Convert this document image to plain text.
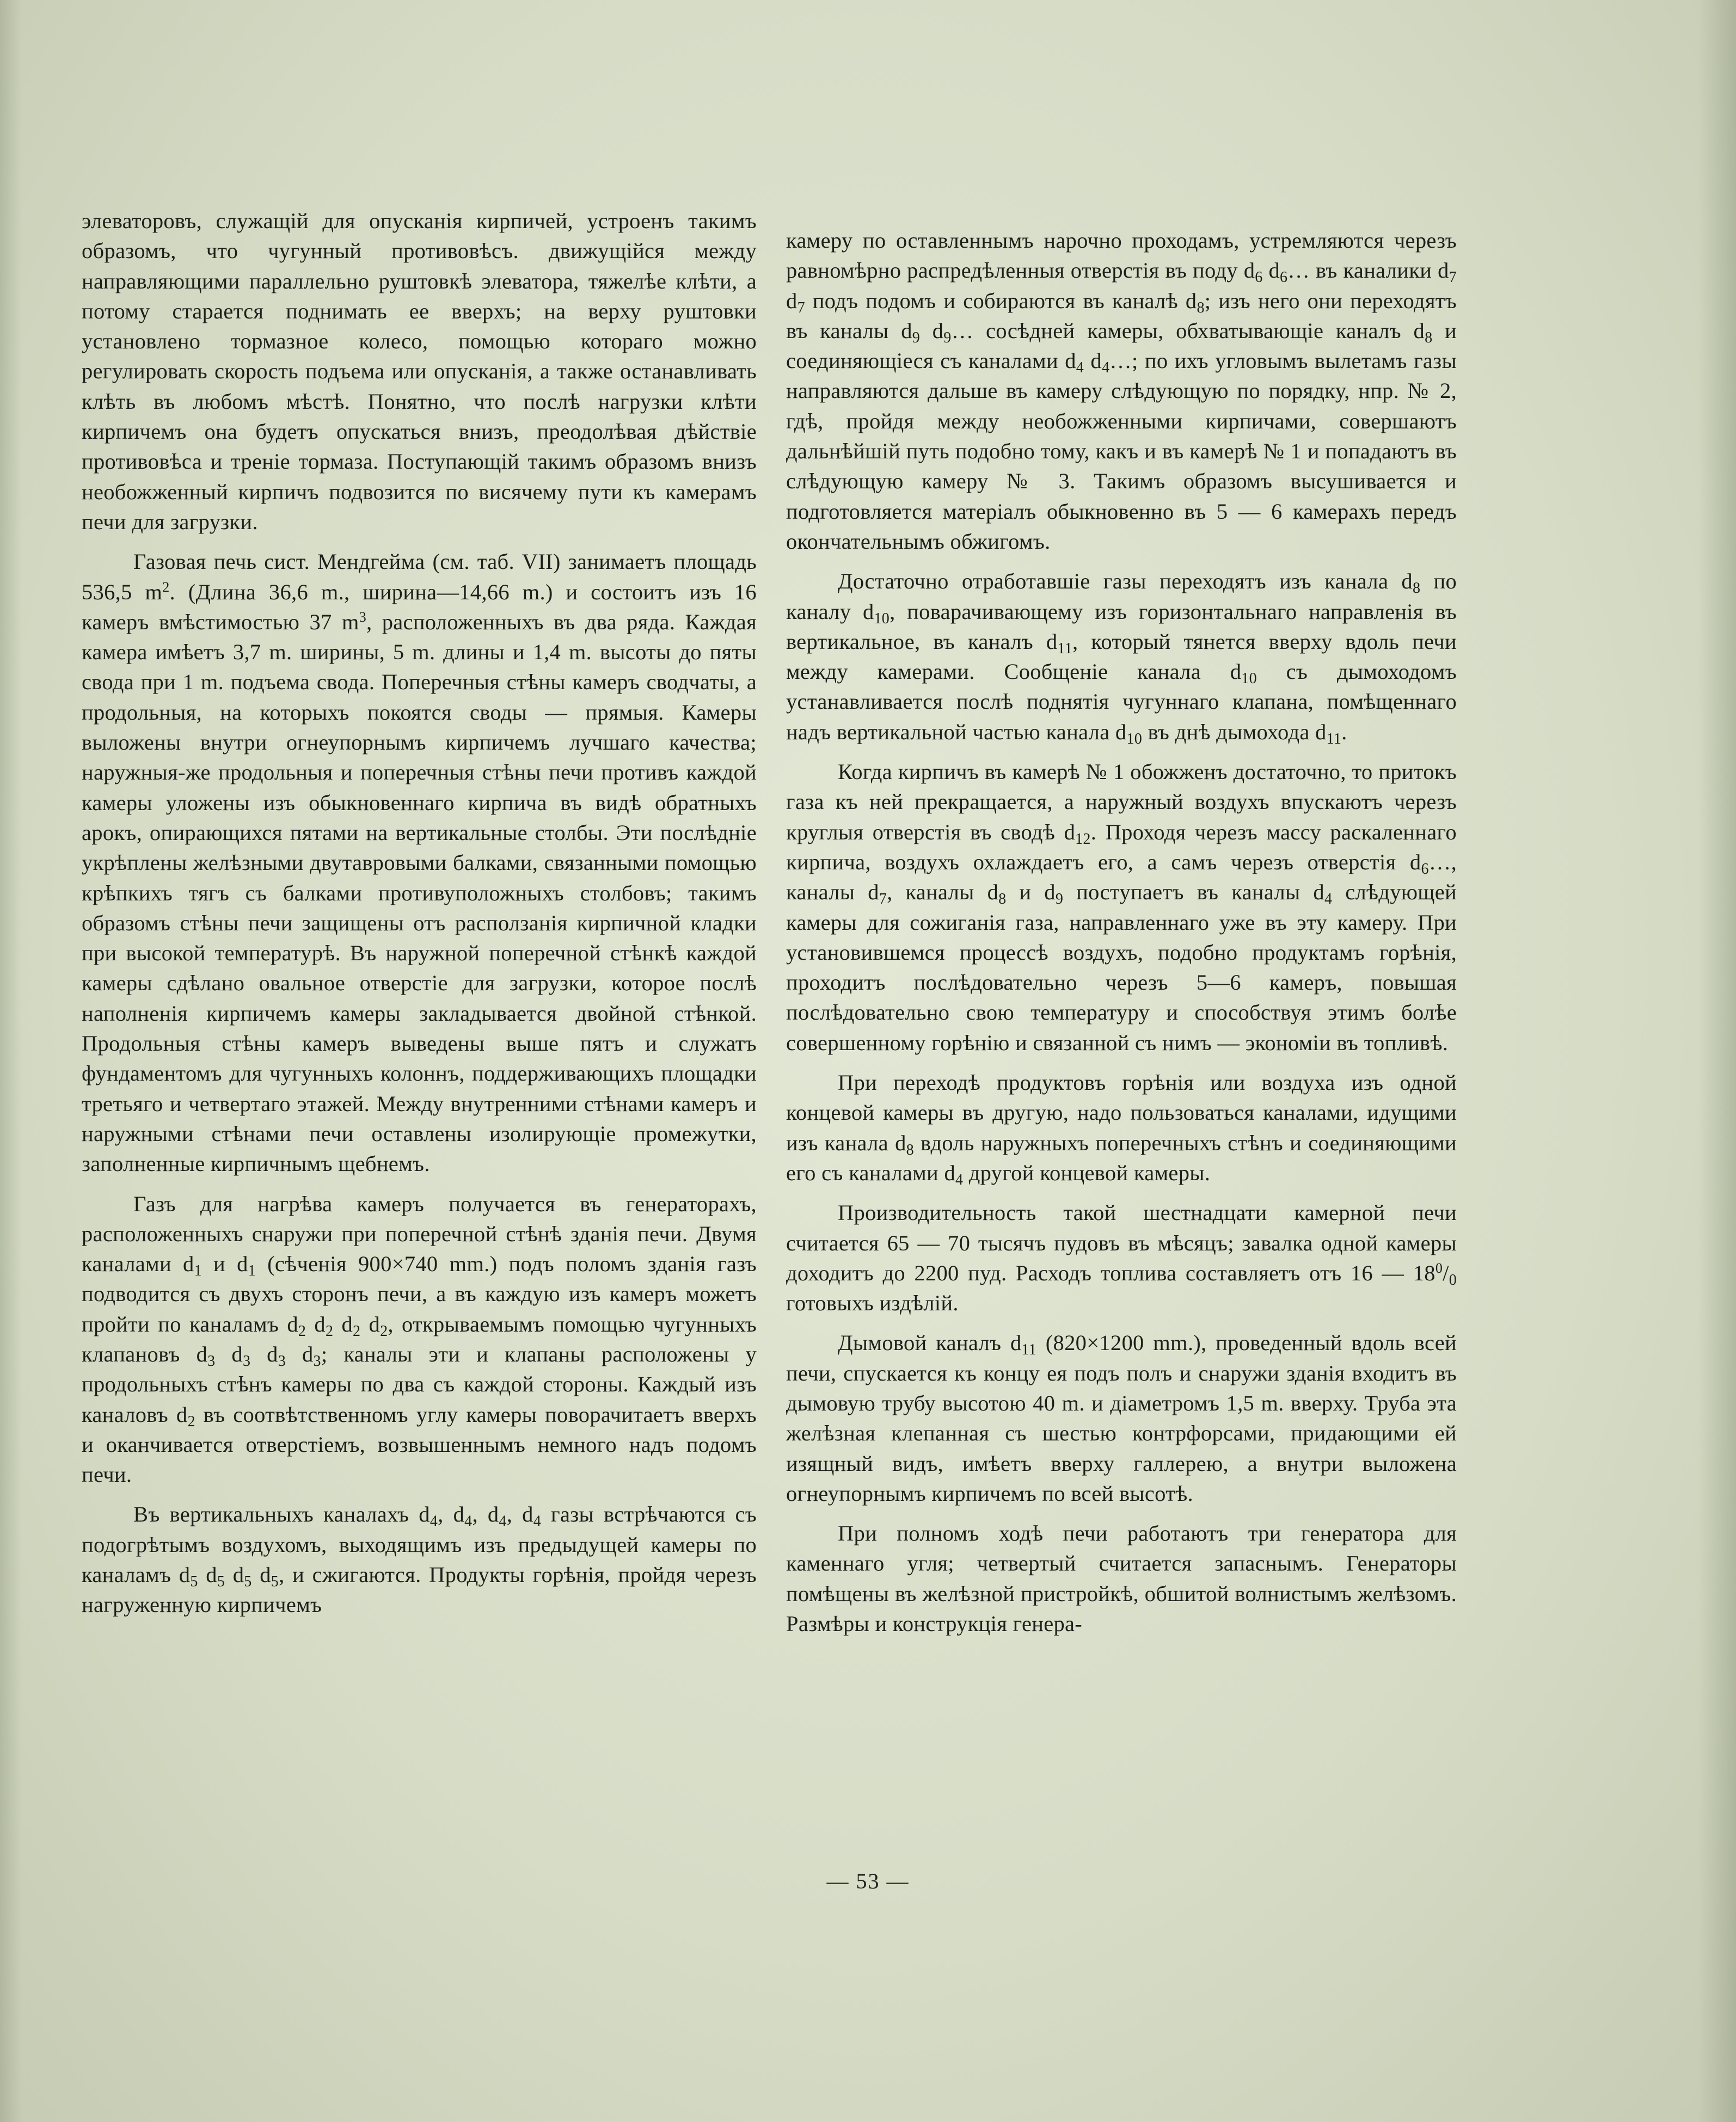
элеваторовъ, служащій для опусканія кирпичей, устроенъ такимъ образомъ, что чугунный противовѣсъ. движущійся между направляющими параллельно руштовкѣ элеватора, тяжелѣе клѣти, а потому старается поднимать ее вверхъ; на верху руштовки установлено тормазное колесо, помощью котораго можно регулировать скорость подъема или опусканія, а также останавливать клѣть въ любомъ мѣстѣ. Понятно, что послѣ нагрузки клѣти кирпичемъ она будетъ опускаться внизъ, преодолѣвая дѣйствіе противовѣса и треніе тормаза. Поступающій такимъ образомъ внизъ необожженный кирпичъ подвозится по висячему пути къ камерамъ печи для загрузки.

Газовая печь сист. Мендгейма (см. таб. VII) занимаетъ площадь 536,5 $m^2$. (Длина 36,6 m., ширина—14,66 m.) и состоитъ изъ 16 камеръ вмѣстимостью 37 $m^3$, расположенныхъ въ два ряда. Каждая камера имѣетъ 3,7 m. ширины, 5 m. длины и 1,4 m. высоты до пяты свода при 1 m. подъема свода. Поперечныя стѣны камеръ сводчаты, а продольныя, на которыхъ покоятся своды — прямыя. Камеры выложены внутри огнеупорнымъ кирпичемъ лучшаго качества; наружныя-же продольныя и поперечныя стѣны печи противъ каждой камеры уложены изъ обыкновеннаго кирпича въ видѣ обратныхъ арокъ, опирающихся пятами на вертикальные столбы. Эти послѣдніе укрѣплены желѣзными двутавровыми балками, связанными помощью крѣпкихъ тягъ съ балками противуположныхъ столбовъ; такимъ образомъ стѣны печи защищены отъ расползанія кирпичной кладки при высокой температурѣ. Въ наружной поперечной стѣнкѣ каждой камеры сдѣлано овальное отверстіе для загрузки, которое послѣ наполненія кирпичемъ камеры закладывается двойной стѣнкой. Продольныя стѣны камеръ выведены выше пятъ и служатъ фундаментомъ для чугунныхъ колоннъ, поддерживающихъ площадки третьяго и четвертаго этажей. Между внутренними стѣнами камеръ и наружными стѣнами печи оставлены изолирующіе промежутки, заполненные кирпичнымъ щебнемъ.

Газъ для нагрѣва камеръ получается въ генераторахъ, расположенныхъ снаружи при поперечной стѣнѣ зданія печи. Двумя каналами $d_1$ и $d_1$ (сѣченія 900×740 mm.) подъ поломъ зданія газъ подводится съ двухъ сторонъ печи, а въ каждую изъ камеръ можетъ пройти по каналамъ $d_2$ $d_2$ $d_2$ $d_2$, открываемымъ помощью чугунныхъ клапановъ $d_3$ $d_3$ $d_3$ $d_3$; каналы эти и клапаны расположены у продольныхъ стѣнъ камеры по два съ каждой стороны. Каждый изъ каналовъ $d_2$ въ соотвѣтственномъ углу камеры поворачитаетъ вверхъ и оканчивается отверстіемъ, возвышеннымъ немного надъ подомъ печи.

Въ вертикальныхъ каналахъ $d_4$, $d_4$, $d_4$, $d_4$ газы встрѣчаются съ подогрѣтымъ воздухомъ, выходящимъ изъ предыдущей камеры по каналамъ $d_5$ $d_5$ $d_5$ $d_5$, и сжигаются. Продукты горѣнія, пройдя черезъ нагруженную кирпичемъ

камеру по оставленнымъ нарочно проходамъ, устремляются черезъ равномѣрно распредѣленныя отверстія въ поду $d_6$ $d_6\dots$ въ каналики $d_7$ $d_7$ подъ подомъ и собираются въ каналѣ $d_8$; изъ него они переходятъ въ каналы $d_9$ $d_9\dots$ сосѣдней камеры, обхватывающіе каналъ $d_8$ и соединяющіеся съ каналами $d_4$ $d_4\dots$; по ихъ угловымъ вылетамъ газы направляются дальше въ камеру слѣдующую по порядку, нпр. № 2, гдѣ, пройдя между необожженными кирпичами, совершаютъ дальнѣйшій путь подобно тому, какъ и въ камерѣ № 1 и попадаютъ въ слѣдующую камеру № 3. Такимъ образомъ высушивается и подготовляется матеріалъ обыкновенно въ 5 — 6 камерахъ передъ окончательнымъ обжигомъ.

Достаточно отработавшіе газы переходятъ изъ канала $d_8$ по каналу $d_{10}$, поварачивающему изъ горизонтальнаго направленія въ вертикальное, въ каналъ $d_{11}$, который тянется вверху вдоль печи между камерами. Сообщеніе канала $d_{10}$ съ дымоходомъ устанавливается послѣ поднятія чугуннаго клапана, помѣщеннаго надъ вертикальной частью канала $d_{10}$ въ днѣ дымохода $d_{11}$.

Когда кирпичъ въ камерѣ № 1 обожженъ достаточно, то притокъ газа къ ней прекращается, а наружный воздухъ впускаютъ черезъ круглыя отверстія въ сводѣ $d_{12}$. Проходя черезъ массу раскаленнаго кирпича, воздухъ охлаждаетъ его, а самъ черезъ отверстія $d_6\dots$, каналы $d_7$, каналы $d_8$ и $d_9$ поступаетъ въ каналы $d_4$ слѣдующей камеры для сожиганія газа, направленнаго уже въ эту камеру. При установившемся процессѣ воздухъ, подобно продуктамъ горѣнія, проходитъ послѣдовательно черезъ 5—6 камеръ, повышая послѣдовательно свою температуру и способствуя этимъ болѣе совершенному горѣнію и связанной съ нимъ — экономіи въ топливѣ.

При переходѣ продуктовъ горѣнія или воздуха изъ одной концевой камеры въ другую, надо пользоваться каналами, идущими изъ канала $d_8$ вдоль наружныхъ поперечныхъ стѣнъ и соединяющими его съ каналами $d_4$ другой концевой камеры.

Производительность такой шестнадцати камерной печи считается 65 — 70 тысячъ пудовъ въ мѣсяцъ; завалка одной камеры доходитъ до 2200 пуд. Расходъ топлива составляетъ отъ 16 — $18^0/_0$ готовыхъ издѣлій.

Дымовой каналъ $d_{11}$ (820×1200 mm.), проведенный вдоль всей печи, спускается къ концу ея подъ полъ и снаружи зданія входитъ въ дымовую трубу высотою 40 m. и діаметромъ 1,5 m. вверху. Труба эта желѣзная клепанная съ шестью контрфорсами, придающими ей изящный видъ, имѣетъ вверху галлерею, а внутри выложена огнеупорнымъ кирпичемъ по всей высотѣ.

При полномъ ходѣ печи работаютъ три генератора для каменнаго угля; четвертый считается запаснымъ. Генераторы помѣщены въ желѣзной пристройкѣ, обшитой волнистымъ желѣзомъ. Размѣры и конструкція генера-

— 53 —
